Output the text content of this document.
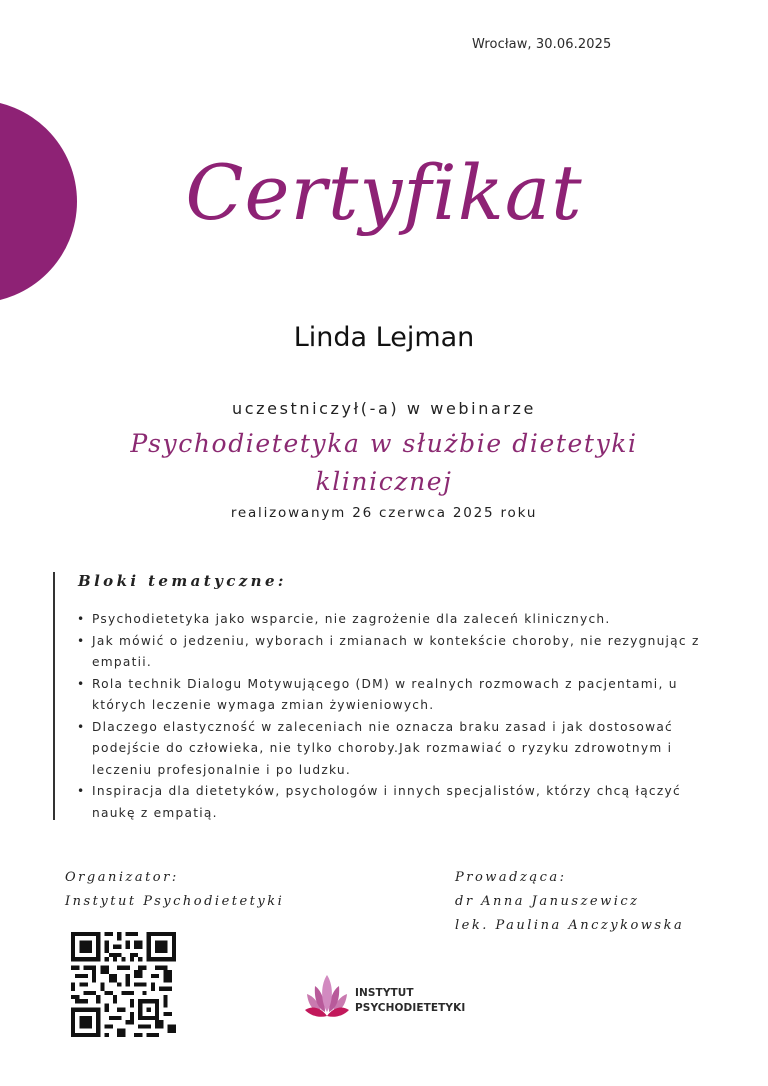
Wrocław, 30.06.2025
Certyfikat
Linda Lejman
uczestniczył(-a) w webinarze
Psychodietetyka w służbie dietetyki klinicznej
realizowanym 26 czerwca 2025 roku
Bloki tematyczne:
• Psychodietetyka jako wsparcie, nie zagrożenie dla zaleceń klinicznych.
• Jak mówić o jedzeniu, wyborach i zmianach w kontekście choroby, nie rezygnując z empatii.
• Rola technik Dialogu Motywującego (DM) w realnych rozmowach z pacjentami, u których leczenie wymaga zmian żywieniowych.
• Dlaczego elastyczność w zaleceniach nie oznacza braku zasad i jak dostosować podejście do człowieka, nie tylko choroby.Jak rozmawiać o ryzyku zdrowotnym i leczeniu profesjonalnie i po ludzku.
• Inspiracja dla dietetyków, psychologów i innych specjalistów, którzy chcą łączyć naukę z empatią.
Organizator:
Instytut Psychodietetyki
Prowadząca:
dr Anna Januszewicz
lek. Paulina Anczykowska
INSTYTUT
PSYCHODIETETYKI
